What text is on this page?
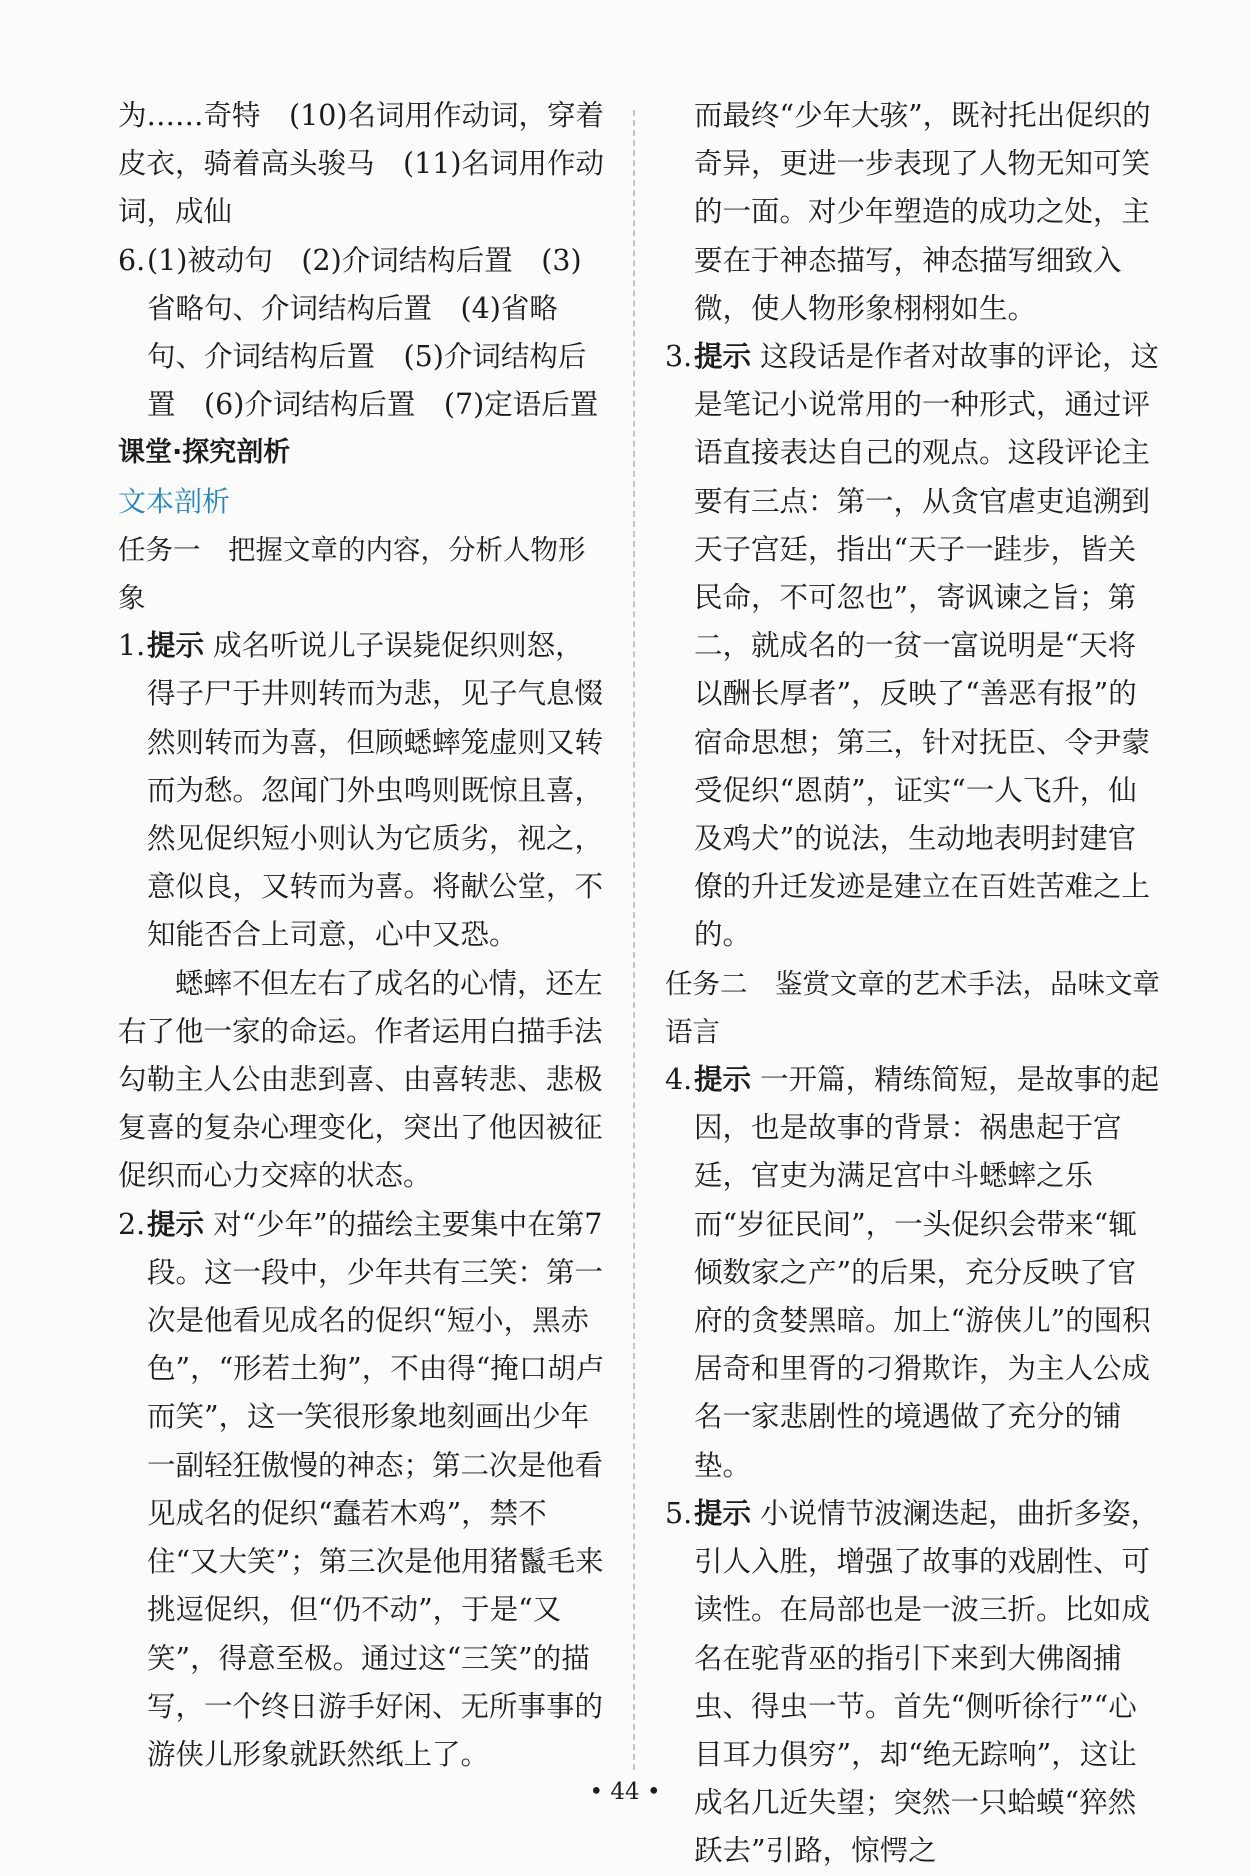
为……奇特　(10)名词用作动词，穿着皮衣，骑着高头骏马　(11)名词用作动词，成仙

6. (1)被动句　(2)介词结构后置　(3)省略句、介词结构后置　(4)省略句、介词结构后置　(5)介词结构后置　(6)介词结构后置　(7)定语后置

课堂·探究剖析

文本剖析

任务一　把握文章的内容，分析人物形象

1. 提示 成名听说儿子误毙促织则怒，得子尸于井则转而为悲，见子气息惙然则转而为喜，但顾蟋蟀笼虚则又转而为愁。忽闻门外虫鸣则既惊且喜，然见促织短小则认为它质劣，视之，意似良，又转而为喜。将献公堂，不知能否合上司意，心中又恐。

蟋蟀不但左右了成名的心情，还左右了他一家的命运。作者运用白描手法勾勒主人公由悲到喜、由喜转悲、悲极复喜的复杂心理变化，突出了他因被征促织而心力交瘁的状态。

2. 提示 对“少年”的描绘主要集中在第7段。这一段中，少年共有三笑：第一次是他看见成名的促织“短小，黑赤色”，“形若土狗”，不由得“掩口胡卢而笑”，这一笑很形象地刻画出少年一副轻狂傲慢的神态；第二次是他看见成名的促织“蠢若木鸡”，禁不住“又大笑”；第三次是他用猪鬣毛来挑逗促织，但“仍不动”，于是“又笑”，得意至极。通过这“三笑”的描写，一个终日游手好闲、无所事事的游侠儿形象就跃然纸上了。

而最终“少年大骇”，既衬托出促织的奇异，更进一步表现了人物无知可笑的一面。对少年塑造的成功之处，主要在于神态描写，神态描写细致入微，使人物形象栩栩如生。

3. 提示 这段话是作者对故事的评论，这是笔记小说常用的一种形式，通过评语直接表达自己的观点。这段评论主要有三点：第一，从贪官虐吏追溯到天子宫廷，指出“天子一跬步，皆关民命，不可忽也”，寄讽谏之旨；第二，就成名的一贫一富说明是“天将以酬长厚者”，反映了“善恶有报”的宿命思想；第三，针对抚臣、令尹蒙受促织“恩荫”，证实“一人飞升，仙及鸡犬”的说法，生动地表明封建官僚的升迁发迹是建立在百姓苦难之上的。

任务二　鉴赏文章的艺术手法，品味文章语言

4. 提示 一开篇，精练简短，是故事的起因，也是故事的背景：祸患起于宫廷，官吏为满足宫中斗蟋蟀之乐而“岁征民间”，一头促织会带来“辄倾数家之产”的后果，充分反映了官府的贪婪黑暗。加上“游侠儿”的囤积居奇和里胥的刁猾欺诈，为主人公成名一家悲剧性的境遇做了充分的铺垫。
5. 提示 小说情节波澜迭起，曲折多姿，引人入胜，增强了故事的戏剧性、可读性。在局部也是一波三折。比如成名在驼背巫的指引下来到大佛阁捕虫、得虫一节。首先“侧听徐行”“心目耳力俱穷”，却“绝无踪响”，这让成名几近失望；突然一只蛤蟆“猝然跃去”引路，惊愕之
• 44 •
